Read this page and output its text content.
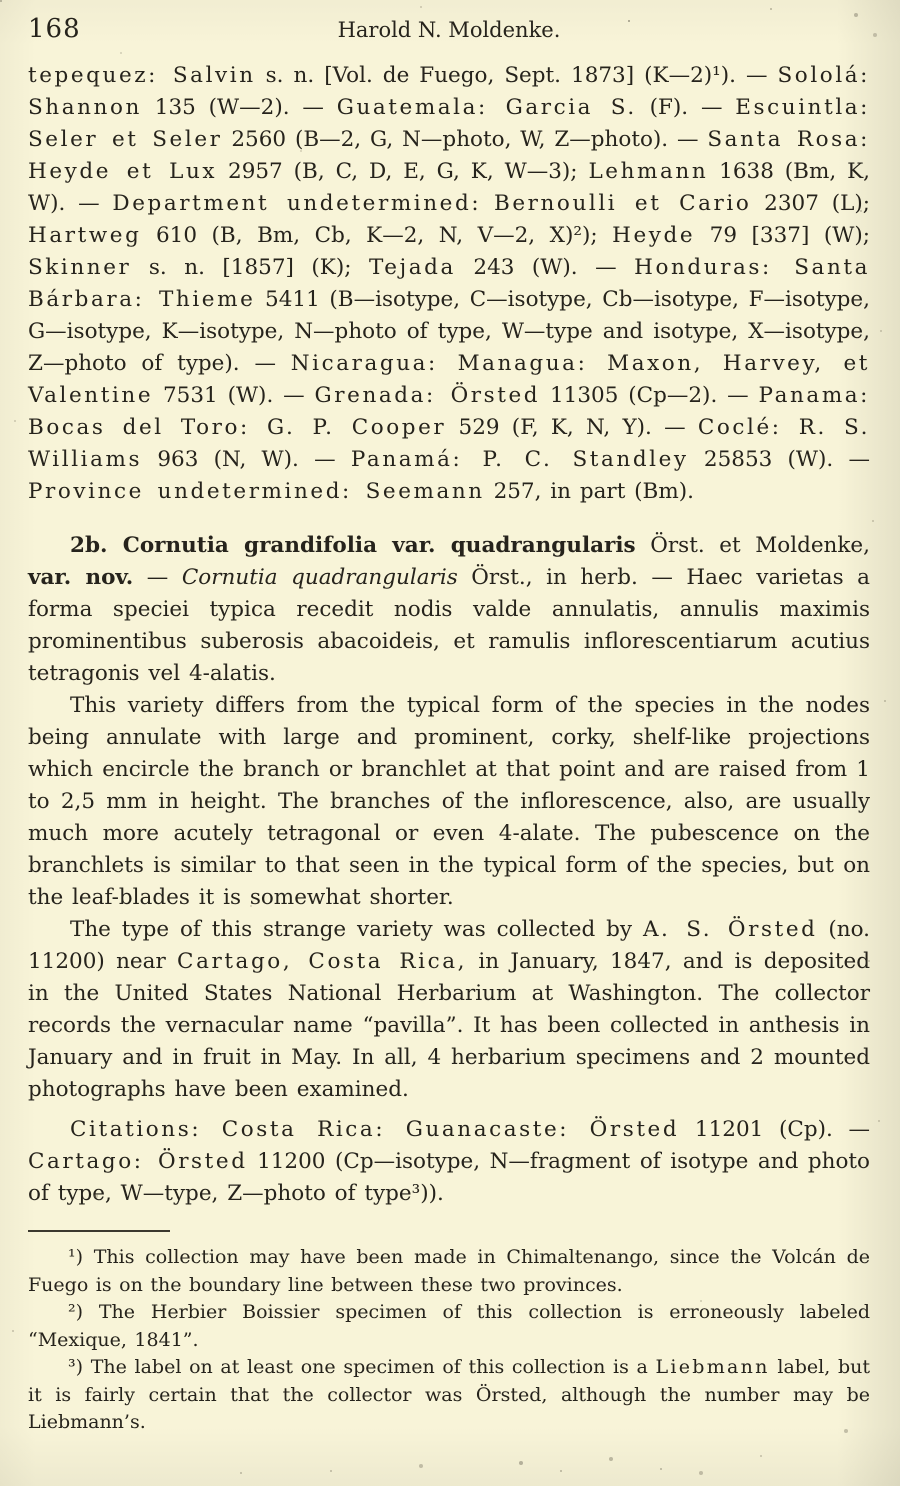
168	Harold N. Moldenke.

tepequez: Salvin s. n. [Vol. de Fuego, Sept. 1873] (K—2)¹). — Sololá: Shannon 135 (W—2). — Guatemala: Garcia S. (F). — Escuintla: Seler et Seler 2560 (B—2, G, N—photo, W, Z—photo). — Santa Rosa: Heyde et Lux 2957 (B, C, D, E, G, K, W—3); Lehmann 1638 (Bm, K, W). — Department undetermined: Bernoulli et Cario 2307 (L); Hartweg 610 (B, Bm, Cb, K—2, N, V—2, X)²); Heyde 79 [337] (W); Skinner s. n. [1857] (K); Tejada 243 (W). — Honduras: Santa Bárbara: Thieme 5411 (B—isotype, C—isotype, Cb—isotype, F—isotype, G—isotype, K—isotype, N—photo of type, W—type and isotype, X—isotype, Z—photo of type). — Nicaragua: Managua: Maxon, Harvey, et Valentine 7531 (W). — Grenada: Örsted 11305 (Cp—2). — Panama: Bocas del Toro: G. P. Cooper 529 (F, K, N, Y). — Coclé: R. S. Williams 963 (N, W). — Panamá: P. C. Standley 25853 (W). — Province undetermined: Seemann 257, in part (Bm).

2b. Cornutia grandifolia var. quadrangularis Örst. et Moldenke, var. nov. — Cornutia quadrangularis Örst., in herb. — Haec varietas a forma speciei typica recedit nodis valde annulatis, annulis maximis prominentibus suberosis abacoideis, et ramulis inflorescentiarum acutius tetragonis vel 4-alatis.

This variety differs from the typical form of the species in the nodes being annulate with large and prominent, corky, shelf-like projections which encircle the branch or branchlet at that point and are raised from 1 to 2,5 mm in height. The branches of the inflorescence, also, are usually much more acutely tetragonal or even 4-alate. The pubescence on the branchlets is similar to that seen in the typical form of the species, but on the leaf-blades it is somewhat shorter.

The type of this strange variety was collected by A. S. Örsted (no. 11200) near Cartago, Costa Rica, in January, 1847, and is deposited in the United States National Herbarium at Washington. The collector records the vernacular name “pavilla”. It has been collected in anthesis in January and in fruit in May. In all, 4 herbarium specimens and 2 mounted photographs have been examined.

Citations: Costa Rica: Guanacaste: Örsted 11201 (Cp). — Cartago: Örsted 11200 (Cp—isotype, N—fragment of isotype and photo of type, W—type, Z—photo of type³)).

¹) This collection may have been made in Chimaltenango, since the Volcán de Fuego is on the boundary line between these two provinces.

²) The Herbier Boissier specimen of this collection is erroneously labeled “Mexique, 1841”.

³) The label on at least one specimen of this collection is a Liebmann label, but it is fairly certain that the collector was Örsted, although the number may be Liebmann’s.
